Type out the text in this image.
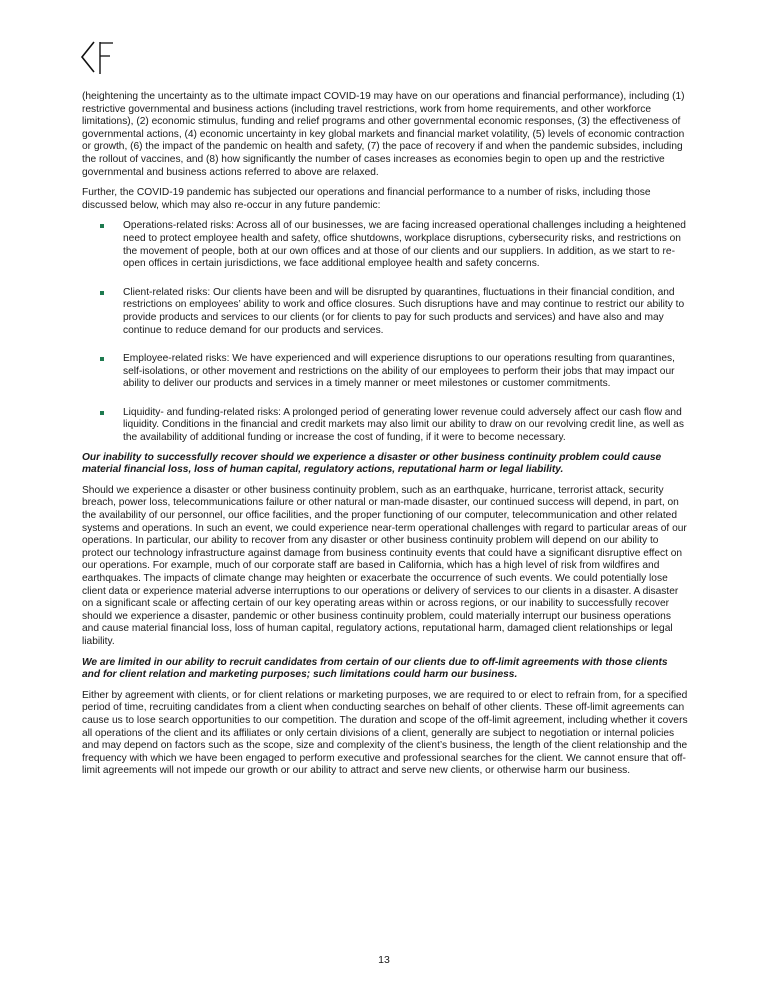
(heightening the uncertainty as to the ultimate impact COVID-19 may have on our operations and financial performance), including (1) restrictive governmental and business actions (including travel restrictions, work from home requirements, and other workforce limitations), (2) economic stimulus, funding and relief programs and other governmental economic responses, (3) the effectiveness of governmental actions, (4) economic uncertainty in key global markets and financial market volatility, (5) levels of economic contraction or growth, (6) the impact of the pandemic on health and safety, (7) the pace of recovery if and when the pandemic subsides, including the rollout of vaccines, and (8) how significantly the number of cases increases as economies begin to open up and the restrictive governmental and business actions referred to above are relaxed.

Further, the COVID-19 pandemic has subjected our operations and financial performance to a number of risks, including those discussed below, which may also re-occur in any future pandemic:

Operations-related risks: Across all of our businesses, we are facing increased operational challenges including a heightened need to protect employee health and safety, office shutdowns, workplace disruptions, cybersecurity risks, and restrictions on the movement of people, both at our own offices and at those of our clients and our suppliers. In addition, as we start to re-open offices in certain jurisdictions, we face additional employee health and safety concerns.
Client-related risks: Our clients have been and will be disrupted by quarantines, fluctuations in their financial condition, and restrictions on employees’ ability to work and office closures. Such disruptions have and may continue to restrict our ability to provide products and services to our clients (or for clients to pay for such products and services) and have also and may continue to reduce demand for our products and services.
Employee-related risks: We have experienced and will experience disruptions to our operations resulting from quarantines, self-isolations, or other movement and restrictions on the ability of our employees to perform their jobs that may impact our ability to deliver our products and services in a timely manner or meet milestones or customer commitments.
Liquidity- and funding-related risks: A prolonged period of generating lower revenue could adversely affect our cash flow and liquidity. Conditions in the financial and credit markets may also limit our ability to draw on our revolving credit line, as well as the availability of additional funding or increase the cost of funding, if it were to become necessary.

Our inability to successfully recover should we experience a disaster or other business continuity problem could cause material financial loss, loss of human capital, regulatory actions, reputational harm or legal liability.

Should we experience a disaster or other business continuity problem, such as an earthquake, hurricane, terrorist attack, security breach, power loss, telecommunications failure or other natural or man-made disaster, our continued success will depend, in part, on the availability of our personnel, our office facilities, and the proper functioning of our computer, telecommunication and other related systems and operations. In such an event, we could experience near-term operational challenges with regard to particular areas of our operations. In particular, our ability to recover from any disaster or other business continuity problem will depend on our ability to protect our technology infrastructure against damage from business continuity events that could have a significant disruptive effect on our operations. For example, much of our corporate staff are based in California, which has a high level of risk from wildfires and earthquakes. The impacts of climate change may heighten or exacerbate the occurrence of such events. We could potentially lose client data or experience material adverse interruptions to our operations or delivery of services to our clients in a disaster. A disaster on a significant scale or affecting certain of our key operating areas within or across regions, or our inability to successfully recover should we experience a disaster, pandemic or other business continuity problem, could materially interrupt our business operations and cause material financial loss, loss of human capital, regulatory actions, reputational harm, damaged client relationships or legal liability.

We are limited in our ability to recruit candidates from certain of our clients due to off-limit agreements with those clients and for client relation and marketing purposes; such limitations could harm our business.

Either by agreement with clients, or for client relations or marketing purposes, we are required to or elect to refrain from, for a specified period of time, recruiting candidates from a client when conducting searches on behalf of other clients. These off-limit agreements can cause us to lose search opportunities to our competition. The duration and scope of the off-limit agreement, including whether it covers all operations of the client and its affiliates or only certain divisions of a client, generally are subject to negotiation or internal policies and may depend on factors such as the scope, size and complexity of the client’s business, the length of the client relationship and the frequency with which we have been engaged to perform executive and professional searches for the client. We cannot ensure that off-limit agreements will not impede our growth or our ability to attract and serve new clients, or otherwise harm our business.

13
